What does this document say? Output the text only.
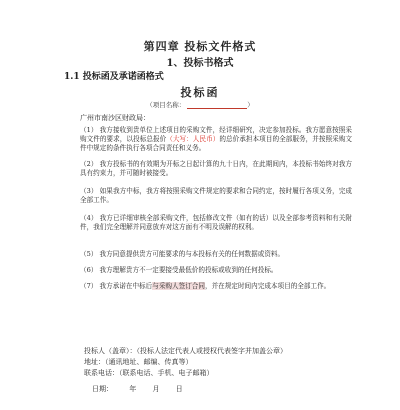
第四章 投标文件格式
1、投标书格式
1.1 投标函及承诺函格式
投标函
（项目名称：	）
广州市南沙区财政局：
（1） 我方接收到贵单位上述项目的采购文件，经详细研究，决定参加投标。我方愿意按照采购文件的要求，以投标总报价（大写：人民币）的总价承担本项目的全部服务，并按照采购文件中规定的条件执行各项合同责任和义务。
（2） 我方投标书的有效期为开标之日起计算的九十日内，在此期间内，本投标书始终对我方具有约束力，并可随时被接受。
（3） 如果我方中标，我方将按照采购文件规定的要求和合同约定，按时履行各项义务，完成全部工作。
（4） 我方已详细审核全部采购文件，包括修改文件（如有的话）以及全部参考资料和有关附件，我们完全理解并同意放弃对这方面有不明及误解的权利。
（5） 我方同意提供贵方可能要求的与本投标有关的任何数据或资料。
（6） 我方理解贵方不一定要接受最低价的投标或收到的任何投标。
（7） 我方承诺在中标后与采购人签订合同，并在规定时间内完成本项目的全部工作。
投标人（盖章）：（投标人法定代表人或授权代表签字并加盖公章）
地址：（通讯地址、邮编、传真等）
联系电话：（联系电话、手机、电子邮箱）
日期： 年 月 日
